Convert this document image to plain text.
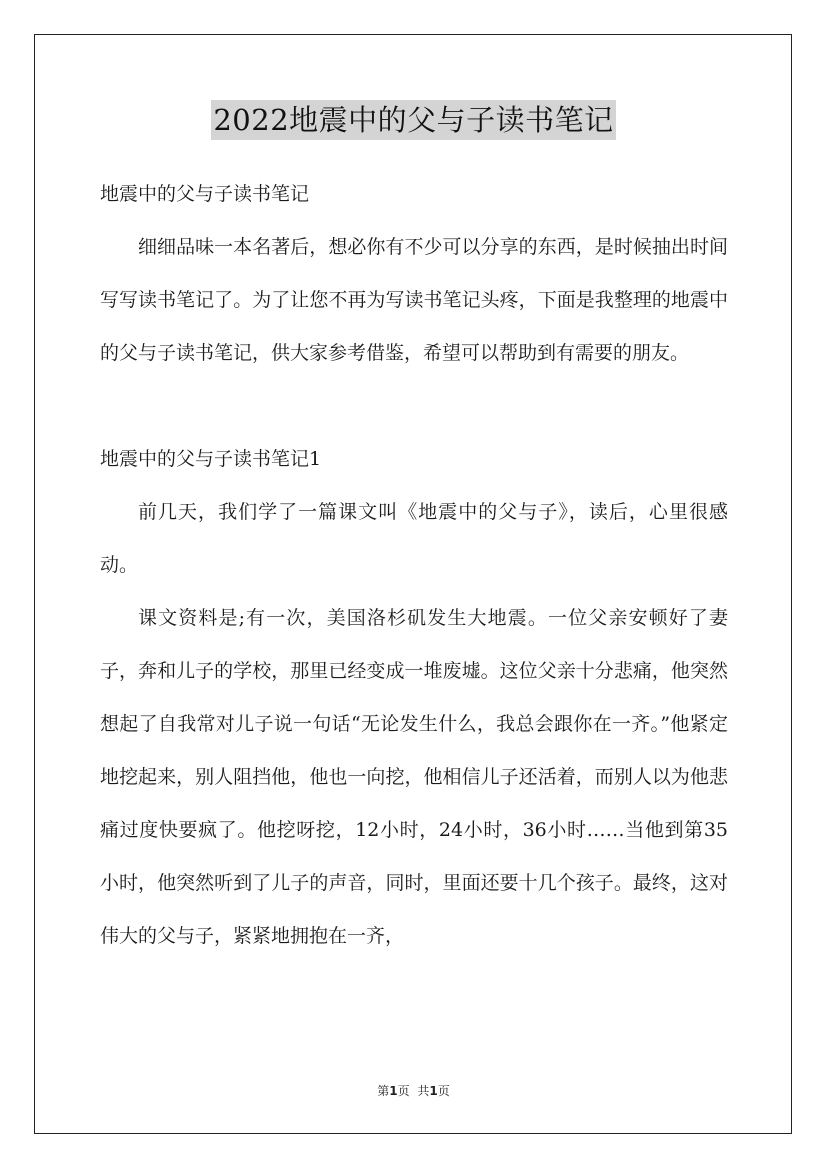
2022地震中的父与子读书笔记

地震中的父与子读书笔记

细细品味一本名著后，想必你有不少可以分享的东西，是时候抽出时间写写读书笔记了。为了让您不再为写读书笔记头疼，下面是我整理的地震中的父与子读书笔记，供大家参考借鉴，希望可以帮助到有需要的朋友。

地震中的父与子读书笔记1

前几天，我们学了一篇课文叫《地震中的父与子》，读后，心里很感动。

课文资料是;有一次，美国洛杉矶发生大地震。一位父亲安顿好了妻子，奔和儿子的学校，那里已经变成一堆废墟。这位父亲十分悲痛，他突然想起了自我常对儿子说一句话“无论发生什么，我总会跟你在一齐。”他紧定地挖起来，别人阻挡他，他也一向挖，他相信儿子还活着，而别人以为他悲痛过度快要疯了。他挖呀挖，12小时，24小时，36小时……当他到第35小时，他突然听到了儿子的声音，同时，里面还要十几个孩子。最终，这对伟大的父与子，紧紧地拥抱在一齐，

第1页 共1页
